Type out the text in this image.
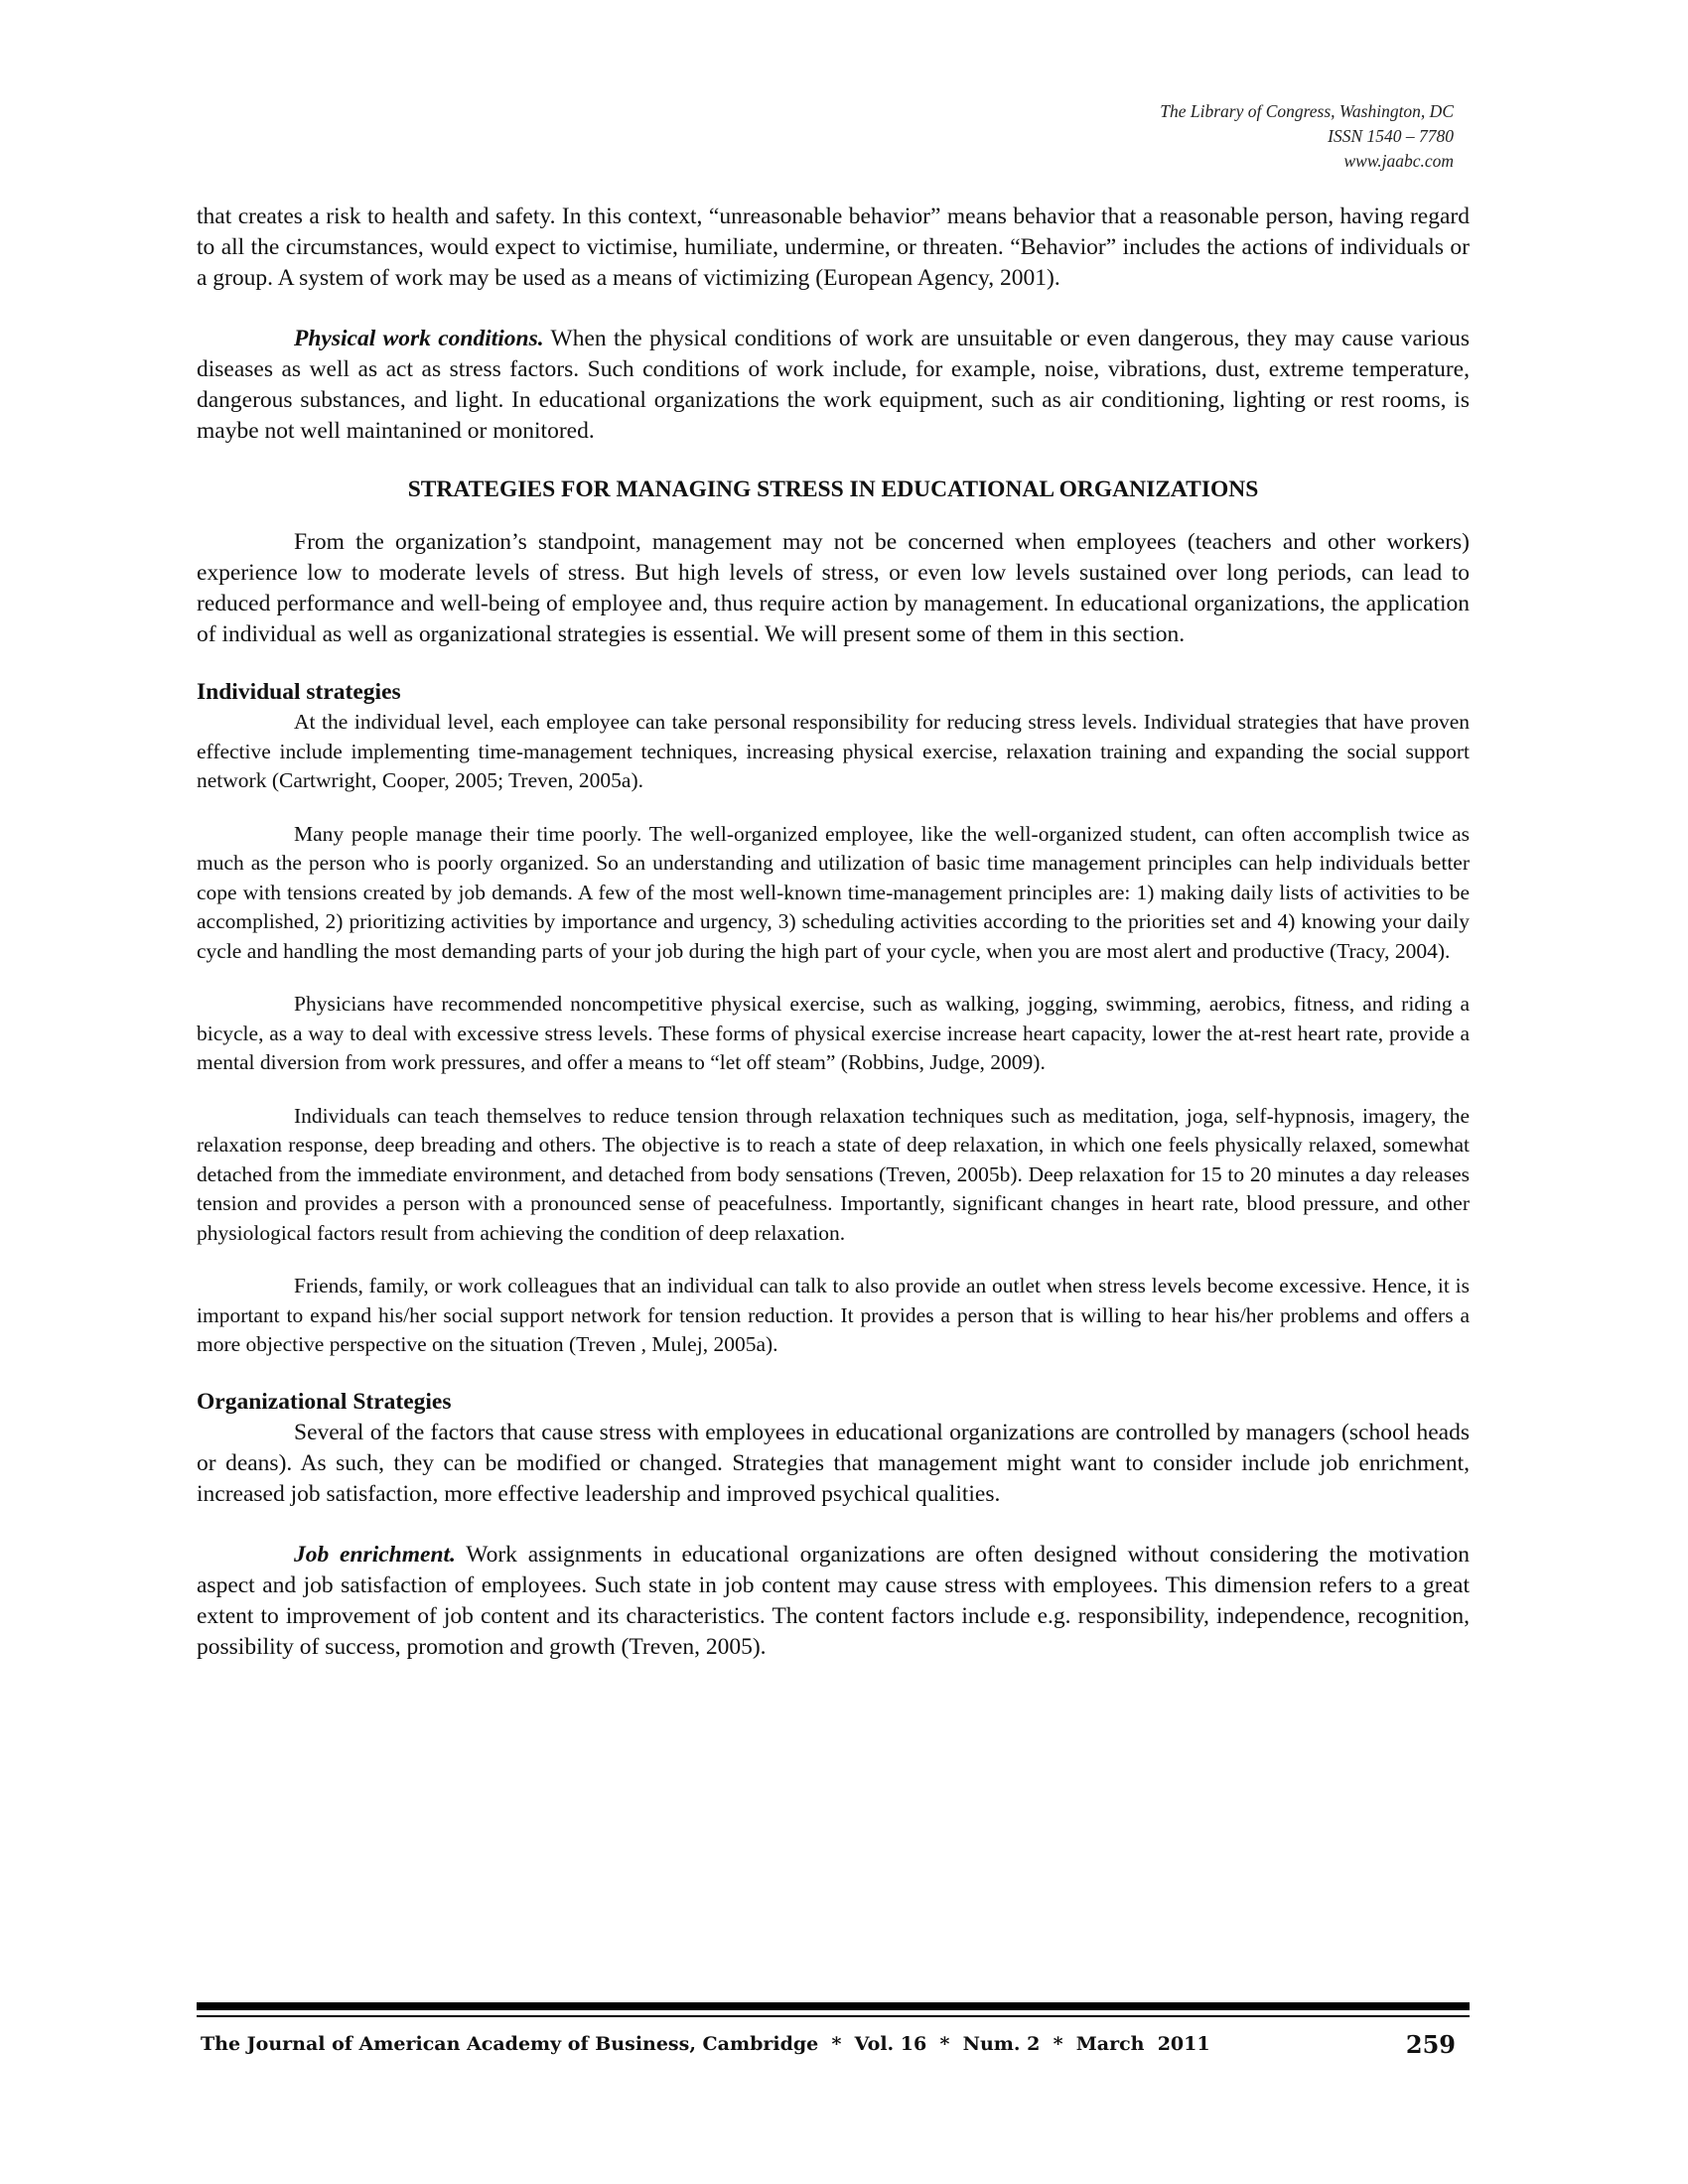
The Library of Congress, Washington, DC
ISSN 1540 – 7780
www.jaabc.com

that creates a risk to health and safety. In this context, “unreasonable behavior” means behavior that a reasonable person, having regard to all the circumstances, would expect to victimise, humiliate, undermine, or threaten. “Behavior” includes the actions of individuals or a group. A system of work may be used as a means of victimizing (European Agency, 2001).

Physical work conditions. When the physical conditions of work are unsuitable or even dangerous, they may cause various diseases as well as act as stress factors. Such conditions of work include, for example, noise, vibrations, dust, extreme temperature, dangerous substances, and light. In educational organizations the work equipment, such as air conditioning, lighting or rest rooms, is maybe not well maintanined or monitored.

STRATEGIES FOR MANAGING STRESS IN EDUCATIONAL ORGANIZATIONS

From the organization’s standpoint, management may not be concerned when employees (teachers and other workers) experience low to moderate levels of stress. But high levels of stress, or even low levels sustained over long periods, can lead to reduced performance and well-being of employee and, thus require action by management. In educational organizations, the application of individual as well as organizational strategies is essential. We will present some of them in this section.

Individual strategies

At the individual level, each employee can take personal responsibility for reducing stress levels. Individual strategies that have proven effective include implementing time-management techniques, increasing physical exercise, relaxation training and expanding the social support network (Cartwright, Cooper, 2005; Treven, 2005a).

Many people manage their time poorly. The well-organized employee, like the well-organized student, can often accomplish twice as much as the person who is poorly organized. So an understanding and utilization of basic time management principles can help individuals better cope with tensions created by job demands. A few of the most well-known time-management principles are: 1) making daily lists of activities to be accomplished, 2) prioritizing activities by importance and urgency, 3) scheduling activities according to the priorities set and 4) knowing your daily cycle and handling the most demanding parts of your job during the high part of your cycle, when you are most alert and productive (Tracy, 2004).

Physicians have recommended noncompetitive physical exercise, such as walking, jogging, swimming, aerobics, fitness, and riding a bicycle, as a way to deal with excessive stress levels. These forms of physical exercise increase heart capacity, lower the at-rest heart rate, provide a mental diversion from work pressures, and offer a means to “let off steam” (Robbins, Judge, 2009).

Individuals can teach themselves to reduce tension through relaxation techniques such as meditation, joga, self-hypnosis, imagery, the relaxation response, deep breading and others. The objective is to reach a state of deep relaxation, in which one feels physically relaxed, somewhat detached from the immediate environment, and detached from body sensations (Treven, 2005b). Deep relaxation for 15 to 20 minutes a day releases tension and provides a person with a pronounced sense of peacefulness. Importantly, significant changes in heart rate, blood pressure, and other physiological factors result from achieving the condition of deep relaxation.

Friends, family, or work colleagues that an individual can talk to also provide an outlet when stress levels become excessive. Hence, it is important to expand his/her social support network for tension reduction. It provides a person that is willing to hear his/her problems and offers a more objective perspective on the situation (Treven , Mulej, 2005a).

Organizational Strategies

Several of the factors that cause stress with employees in educational organizations are controlled by managers (school heads or deans). As such, they can be modified or changed. Strategies that management might want to consider include job enrichment, increased job satisfaction, more effective leadership and improved psychical qualities.

Job enrichment. Work assignments in educational organizations are often designed without considering the motivation aspect and job satisfaction of employees. Such state in job content may cause stress with employees. This dimension refers to a great extent to improvement of job content and its characteristics. The content factors include e.g. responsibility, independence, recognition, possibility of success, promotion and growth (Treven, 2005).

The Journal of American Academy of Business, Cambridge  *  Vol. 16  *  Num. 2  *  March  2011	259
